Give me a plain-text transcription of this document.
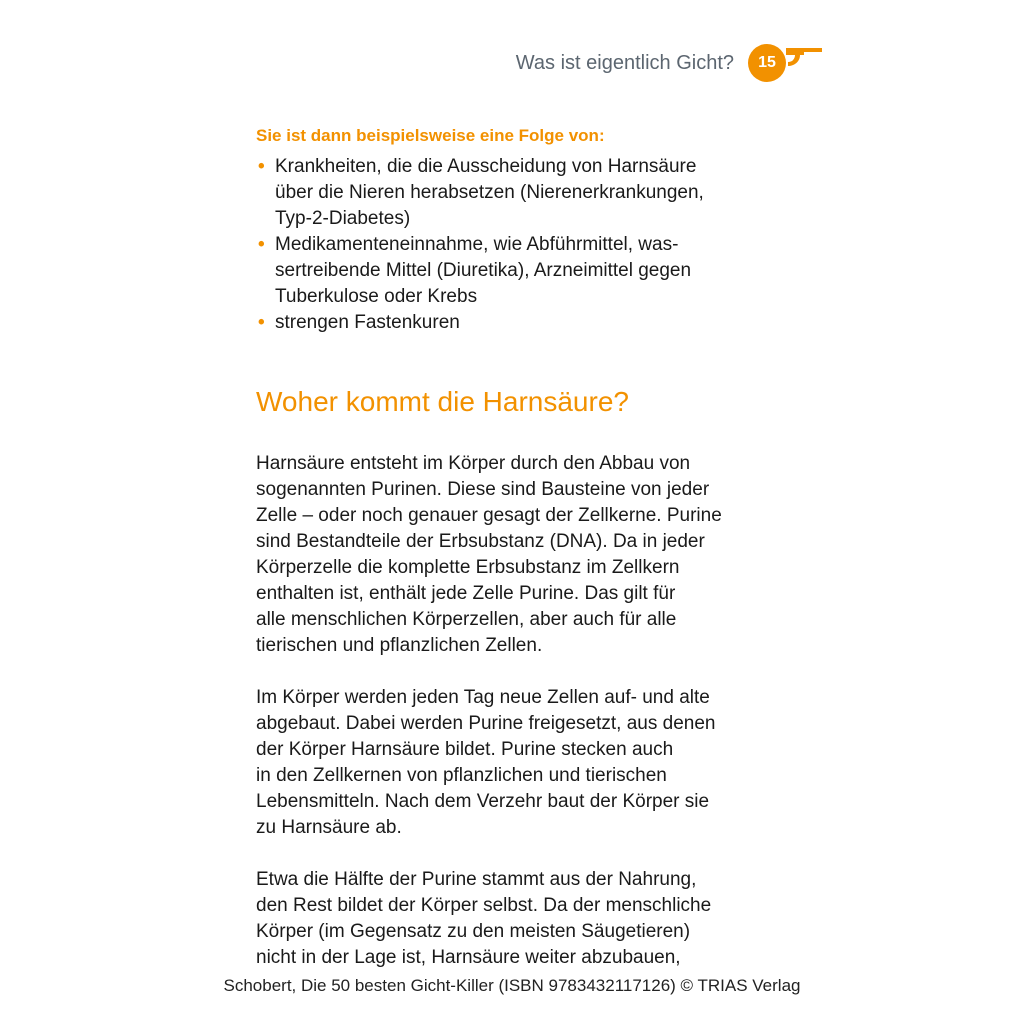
Was ist eigentlich Gicht?	15

Sie ist dann beispielsweise eine Folge von:

• Krankheiten, die die Ausscheidung von Harnsäure
über die Nieren herabsetzen (Nierenerkrankungen,
Typ-2-Diabetes)
• Medikamenteneinnahme, wie Abführmittel, was-
sertreibende Mittel (Diuretika), Arzneimittel gegen
Tuberkulose oder Krebs
• strengen Fastenkuren
Woher kommt die Harnsäure?

Harnsäure entsteht im Körper durch den Abbau von
sogenannten Purinen. Diese sind Bausteine von jeder
Zelle – oder noch genauer gesagt der Zellkerne. Purine
sind Bestandteile der Erbsubstanz (DNA). Da in jeder
Körperzelle die komplette Erbsubstanz im Zellkern
enthalten ist, enthält jede Zelle Purine. Das gilt für
alle menschlichen Körperzellen, aber auch für alle
tierischen und pflanzlichen Zellen.

Im Körper werden jeden Tag neue Zellen auf- und alte
abgebaut. Dabei werden Purine freigesetzt, aus denen
der Körper Harnsäure bildet. Purine stecken auch
in den Zellkernen von pflanzlichen und tierischen
Lebensmitteln. Nach dem Verzehr baut der Körper sie
zu Harnsäure ab.

Etwa die Hälfte der Purine stammt aus der Nahrung,
den Rest bildet der Körper selbst. Da der menschliche
Körper (im Gegensatz zu den meisten Säugetieren)
nicht in der Lage ist, Harnsäure weiter abzubauen,

Schobert, Die 50 besten Gicht-Killer (ISBN 9783432117126) © TRIAS Verlag
